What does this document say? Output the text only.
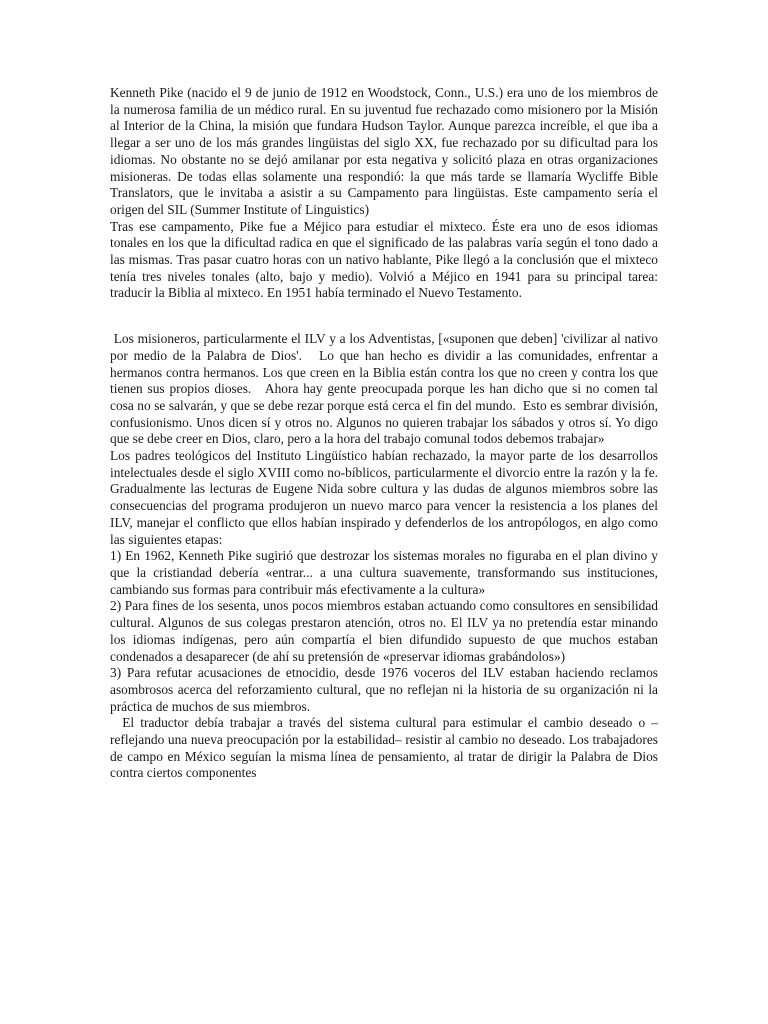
Kenneth Pike (nacido el 9 de junio de 1912 en Woodstock, Conn., U.S.) era uno de los miembros de la numerosa familia de un médico rural. En su juventud fue rechazado como misionero por la Misión al Interior de la China, la misión que fundara Hudson Taylor. Aunque parezca increíble, el que iba a llegar a ser uno de los más grandes lingüistas del siglo XX, fue rechazado por su dificultad para los idiomas. No obstante no se dejó amilanar por esta negativa y solicitó plaza en otras organizaciones misioneras. De todas ellas solamente una respondió: la que más tarde se llamaría Wycliffe Bible Translators, que le invitaba a asistir a su Campamento para lingüistas. Este campamento sería el origen del SIL (Summer Institute of Linguistics)

Tras ese campamento, Pike fue a Méjico para estudiar el mixteco. Éste era uno de esos idiomas tonales en los que la dificultad radica en que el significado de las palabras varía según el tono dado a las mismas. Tras pasar cuatro horas con un nativo hablante, Pike llegó a la conclusión que el mixteco tenía tres niveles tonales (alto, bajo y medio). Volvió a Méjico en 1941 para su principal tarea: traducir la Biblia al mixteco. En 1951 había terminado el Nuevo Testamento.

Los misioneros, particularmente el ILV y a los Adventistas, [«suponen que deben] 'civilizar al nativo por medio de la Palabra de Dios'.   Lo que han hecho es dividir a las comunidades, enfrentar a hermanos contra hermanos. Los que creen en la Biblia están contra los que no creen y contra los que tienen sus propios dioses.   Ahora hay gente preocupada porque les han dicho que si no comen tal cosa no se salvarán, y que se debe rezar porque está cerca el fin del mundo.  Esto es sembrar división, confusionismo. Unos dicen sí y otros no. Algunos no quieren trabajar los sábados y otros sí. Yo digo que se debe creer en Dios, claro, pero a la hora del trabajo comunal todos debemos trabajar»

Los padres teológicos del Instituto Lingüístico habían rechazado, la mayor parte de los desarrollos intelectuales desde el siglo XVIII como no-bíblicos, particularmente el divorcio entre la razón y la fe. Gradualmente las lecturas de Eugene Nida sobre cultura y las dudas de algunos miembros sobre las consecuencias del programa produjeron un nuevo marco para vencer la resistencia a los planes del ILV, manejar el conflicto que ellos habían inspirado y defenderlos de los antropólogos, en algo como las siguientes etapas:

1) En 1962, Kenneth Pike sugirió que destrozar los sistemas morales no figuraba en el plan divino y que la cristiandad debería «entrar... a una cultura suavemente, transformando sus instituciones, cambiando sus formas para contribuir más efectivamente a la cultura»

2) Para fines de los sesenta, unos pocos miembros estaban actuando como consultores en sensibilidad cultural. Algunos de sus colegas prestaron atención, otros no. El ILV ya no pretendía estar minando los idiomas indígenas, pero aún compartía el bien difundido supuesto de que muchos estaban condenados a desaparecer (de ahí su pretensión de «preservar idiomas grabándolos»)

3) Para refutar acusaciones de etnocidio, desde 1976 voceros del ILV estaban haciendo reclamos asombrosos acerca del reforzamiento cultural, que no reflejan ni la historia de su organización ni la práctica de muchos de sus miembros.

El traductor debía trabajar a través del sistema cultural para estimular el cambio deseado o –reflejando una nueva preocupación por la estabilidad– resistir al cambio no deseado. Los trabajadores de campo en México seguían la misma línea de pensamiento, al tratar de dirigir la Palabra de Dios contra ciertos componentes
